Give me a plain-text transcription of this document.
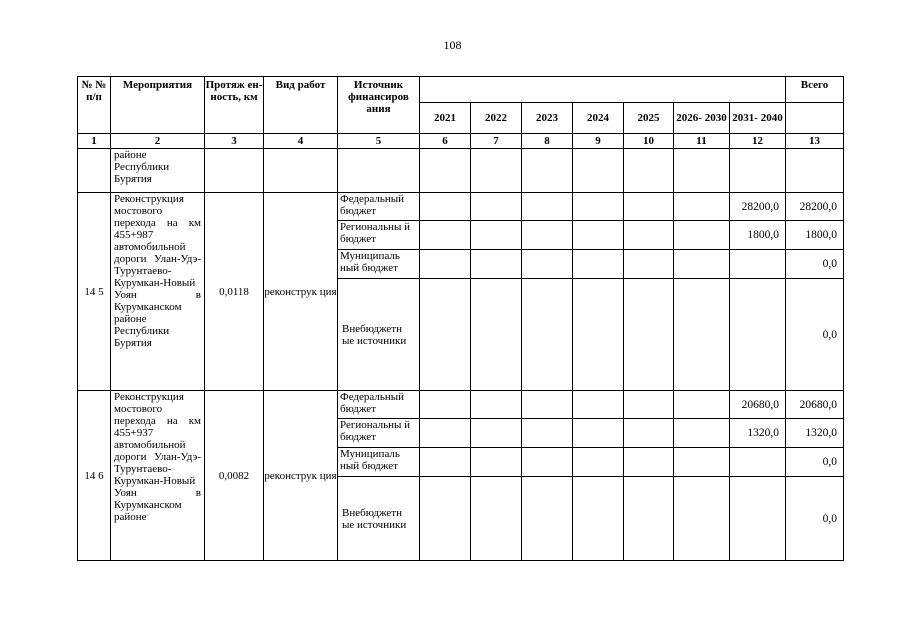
108
№ № п/п	Мероприятия	Протяж ен- ность, км	Вид работ	Источник финансиров ания								Всего
					2021	2022	2023	2024	2025	2026- 2030	2031- 2040	
1	2	3	4	5	6	7	8	9	10	11	12	13
	районе Республики Бурятия											
14 5	Реконструкция мостового перехода на км 455+987 автомобильной дороги Улан-Удэ-Турунтаево-Курумкан-Новый Уоян в Курумканском районе Республики Бурятия	0,0118	реконструк ция	Федеральный бюджет							28200,0	28200,0
				Региональны й бюджет							1800,0	1800,0
				Муниципаль ный бюджет								0,0
				Внебюджетн ые источники								0,0
14 6	Реконструкция мостового перехода на км 455+937 автомобильной дороги Улан-Удэ-Турунтаево-Курумкан-Новый Уоян в Курумканском районе	0,0082	реконструк ция	Федеральный бюджет							20680,0	20680,0
				Региональны й бюджет							1320,0	1320,0
				Муниципаль ный бюджет								0,0
				Внебюджетн ые источники								0,0
